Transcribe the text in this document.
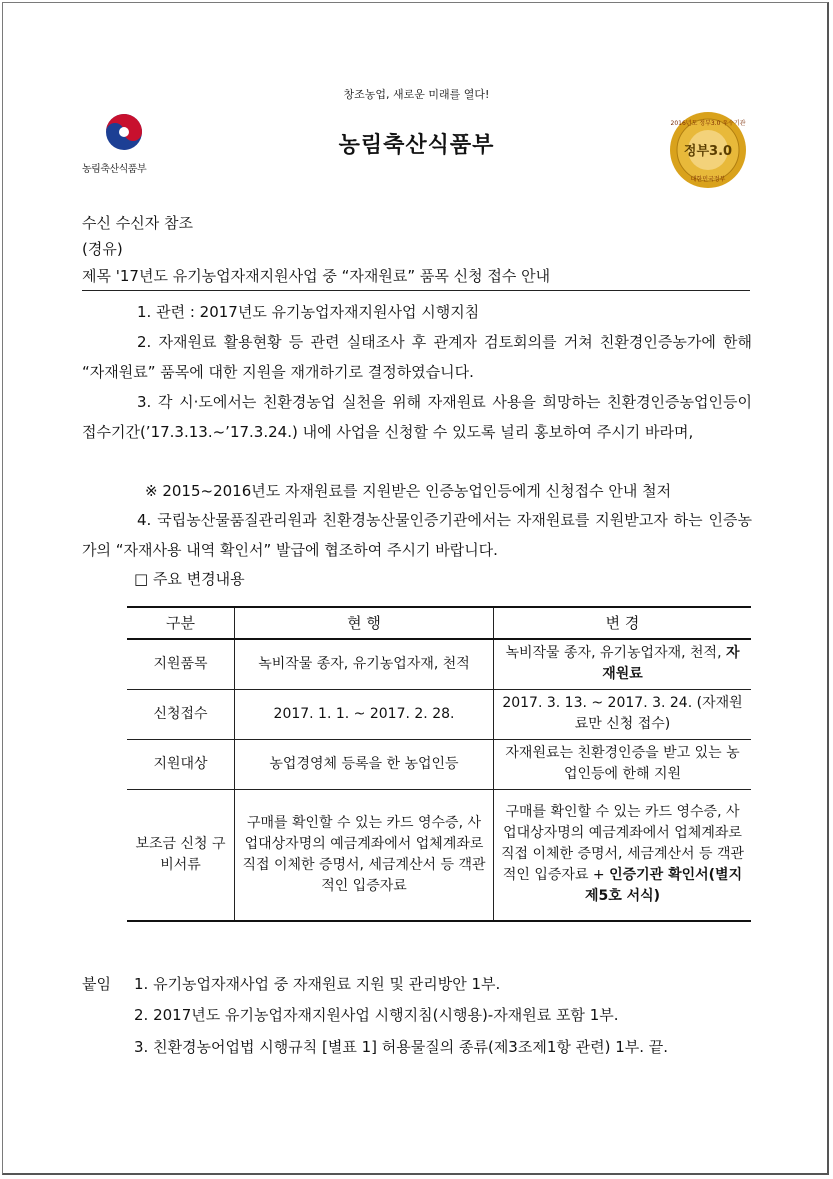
창조농업, 새로운 미래를 열다!
농림축산식품부
농림축산식품부	정부3.0
2016년도 정부3.0 우수기관
대한민국정부
수신 수신자 참조
(경유)
제목 '17년도 유기농업자재지원사업 중 “자재원료” 품목 신청 접수 안내
1. 관련 : 2017년도 유기농업자재지원사업 시행지침
2. 자재원료 활용현황 등 관련 실태조사 후 관계자 검토회의를 거쳐 친환경인증농가에 한해 “자재원료” 품목에 대한 지원을 재개하기로 결정하였습니다.
3. 각 시·도에서는 친환경농업 실천을 위해 자재원료 사용을 희망하는 친환경인증농업인등이 접수기간(’17.3.13.~’17.3.24.) 내에 사업을 신청할 수 있도록 널리 홍보하여 주시기 바라며,
※ 2015~2016년도 자재원료를 지원받은 인증농업인등에게 신청접수 안내 철저
4. 국립농산물품질관리원과 친환경농산물인증기관에서는 자재원료를 지원받고자 하는 인증농가의 “자재사용 내역 확인서” 발급에 협조하여 주시기 바랍니다.
□ 주요 변경내용
구분	현 행	변 경
지원품목	녹비작물 종자, 유기농업자재, 천적	녹비작물 종자, 유기농업자재, 천적, 자재원료
신청접수	2017. 1. 1. ~ 2017. 2. 28.	2017. 3. 13. ~ 2017. 3. 24. (자재원료만 신청 접수)
지원대상	농업경영체 등록을 한 농업인등	자재원료는 친환경인증을 받고 있는 농업인등에 한해 지원
보조금 신청 구비서류	구매를 확인할 수 있는 카드 영수증, 사업대상자명의 예금계좌에서 업체계좌로 직접 이체한 증명서, 세금계산서 등 객관적인 입증자료	구매를 확인할 수 있는 카드 영수증, 사업대상자명의 예금계좌에서 업체계좌로 직접 이체한 증명서, 세금계산서 등 객관적인 입증자료 + 인증기관 확인서(별지 제5호 서식)
붙임 1. 유기농업자재사업 중 자재원료 지원 및 관리방안 1부.
2. 2017년도 유기농업자재지원사업 시행지침(시행용)-자재원료 포함 1부.
3. 친환경농어업법 시행규칙 [별표 1] 허용물질의 종류(제3조제1항 관련) 1부. 끝.
